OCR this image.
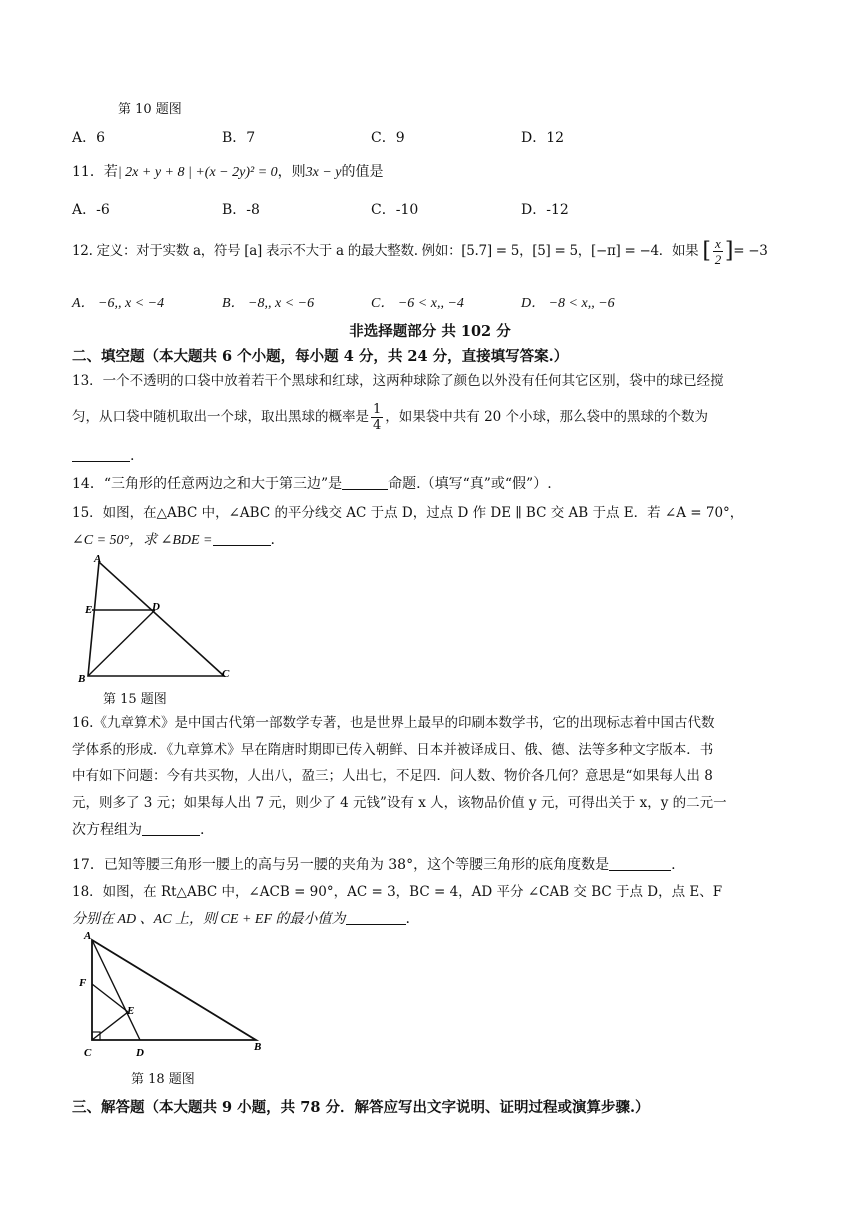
第 10 题图
A．6	B．7	C．9	D．12
11．若| 2x + y + 8 | +(x − 2y)² = 0，则3x − y的值是
A．-6	B．-8	C．-10	D．-12
12. 定义：对于实数 a，符号 [a] 表示不大于 a 的最大整数. 例如：[5.7] = 5，[5] = 5，[−π] = −4．如果 [ $\frac{x}{2}$ ]= −3
A． −6,, x < −4	B． −8,, x < −6	C． −6 < x,, −4	D． −8 < x,, −6
非选择题部分 共 102 分
二、填空题（本大题共 6 个小题，每小题 4 分，共 24 分，直接填写答案.）
13．一个不透明的口袋中放着若干个黑球和红球，这两种球除了颜色以外没有任何其它区别，袋中的球已经搅
匀，从口袋中随机取出一个球，取出黑球的概率是 $\frac{1}{4}$ ，如果袋中共有 20 个小球，那么袋中的黑球的个数为
.
14．“三角形的任意两边之和大于第三边”是	命题.（填写“真”或“假”）.
15．如图，在△ABC 中，∠ABC 的平分线交 AC 于点 D，过点 D 作 DE ∥ BC 交 AB 于点 E．若 ∠A = 70°，
∠C = 50°，求 ∠BDE =	.
A
B	C
D
E
第 15 题图
16.《九章算术》是中国古代第一部数学专著，也是世界上最早的印刷本数学书，它的出现标志着中国古代数
学体系的形成．《九章算术》早在隋唐时期即已传入朝鲜、日本并被译成日、俄、德、法等多种文字版本．书
中有如下问题：今有共买物，人出八，盈三；人出七，不足四．问人数、物价各几何？意思是“如果每人出 8
元，则多了 3 元；如果每人出 7 元，则少了 4 元钱”设有 x 人，该物品价值 y 元，可得出关于 x，y 的二元一
次方程组为	.
17．已知等腰三角形一腰上的高与另一腰的夹角为 38°，这个等腰三角形的底角度数是	.
18．如图，在 Rt△ABC 中，∠ACB = 90°，AC = 3，BC = 4，AD 平分 ∠CAB 交 BC 于点 D，点 E、F
分别在 AD 、AC 上，则 CE + EF 的最小值为	.
A
B
C	D
E
F
第 18 题图
三、解答题（本大题共 9 小题，共 78 分．解答应写出文字说明、证明过程或演算步骤.）
